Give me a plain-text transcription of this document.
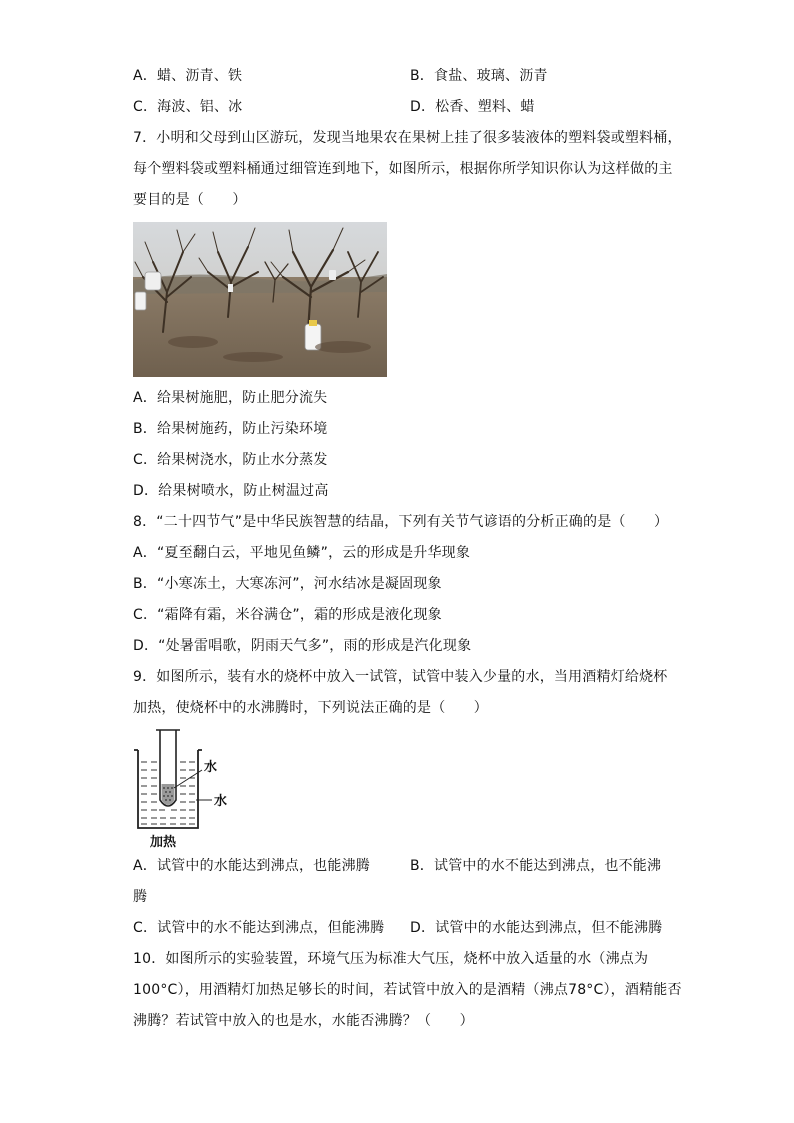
A．蜡、沥青、铁	B．食盐、玻璃、沥青
C．海波、铝、冰	D．松香、塑料、蜡
7．小明和父母到山区游玩，发现当地果农在果树上挂了很多装液体的塑料袋或塑料桶，
每个塑料袋或塑料桶通过细管连到地下，如图所示，根据你所学知识你认为这样做的主
要目的是（　　）
A．给果树施肥，防止肥分流失
B．给果树施药，防止污染环境
C．给果树浇水，防止水分蒸发
D．给果树喷水，防止树温过高
8．“二十四节气”是中华民族智慧的结晶，下列有关节气谚语的分析正确的是（　　）
A．“夏至翻白云，平地见鱼鳞”，云的形成是升华现象
B．“小寒冻土，大寒冻河”，河水结冰是凝固现象
C．“霜降有霜，米谷满仓”，霜的形成是液化现象
D．“处暑雷唱歌，阴雨天气多”，雨的形成是汽化现象
9．如图所示，装有水的烧杯中放入一试管，试管中装入少量的水，当用酒精灯给烧杯
加热，使烧杯中的水沸腾时，下列说法正确的是（　　）
水
水
加热
A．试管中的水能达到沸点，也能沸腾	B．试管中的水不能达到沸点，也不能沸
腾
C．试管中的水不能达到沸点，但能沸腾 D．试管中的水能达到沸点，但不能沸腾
10．如图所示的实验装置，环境气压为标准大气压，烧杯中放入适量的水（沸点为
100°C），用酒精灯加热足够长的时间，若试管中放入的是酒精（沸点78°C），酒精能否
沸腾？若试管中放入的也是水，水能否沸腾？（　　）
